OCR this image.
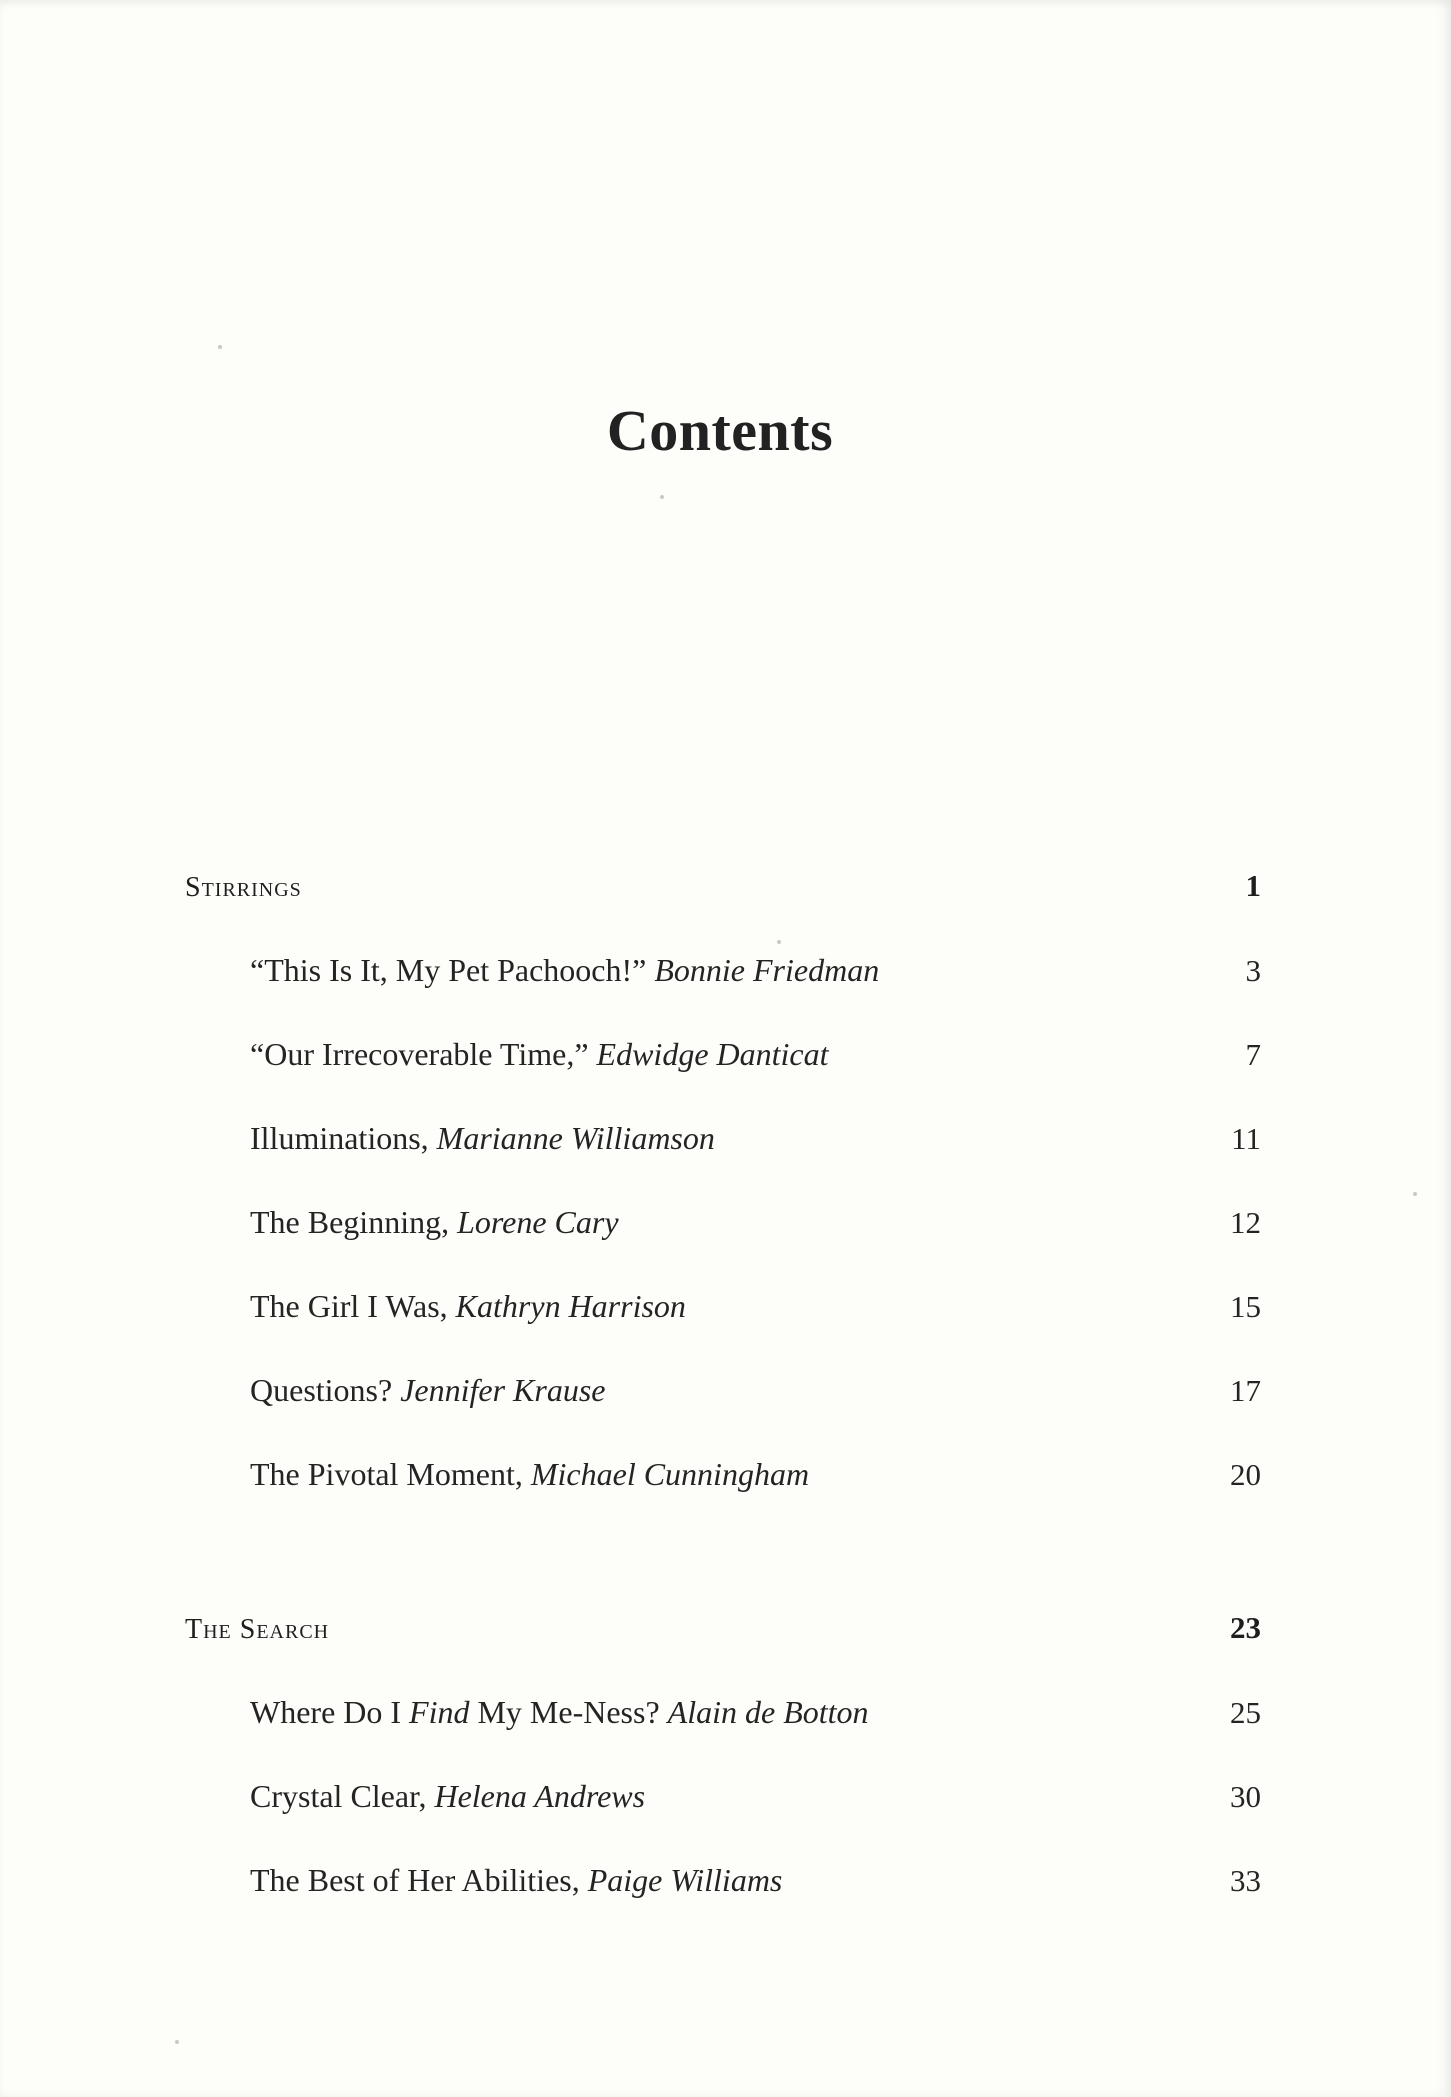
Contents
Stirrings	1
“This Is It, My Pet Pachooch!” Bonnie Friedman	3
“Our Irrecoverable Time,” Edwidge Danticat	7
Illuminations, Marianne Williamson	11
The Beginning, Lorene Cary	12
The Girl I Was, Kathryn Harrison	15
Questions? Jennifer Krause	17
The Pivotal Moment, Michael Cunningham	20
The Search	23
Where Do I Find My Me-Ness? Alain de Botton	25
Crystal Clear, Helena Andrews	30
The Best of Her Abilities, Paige Williams	33
